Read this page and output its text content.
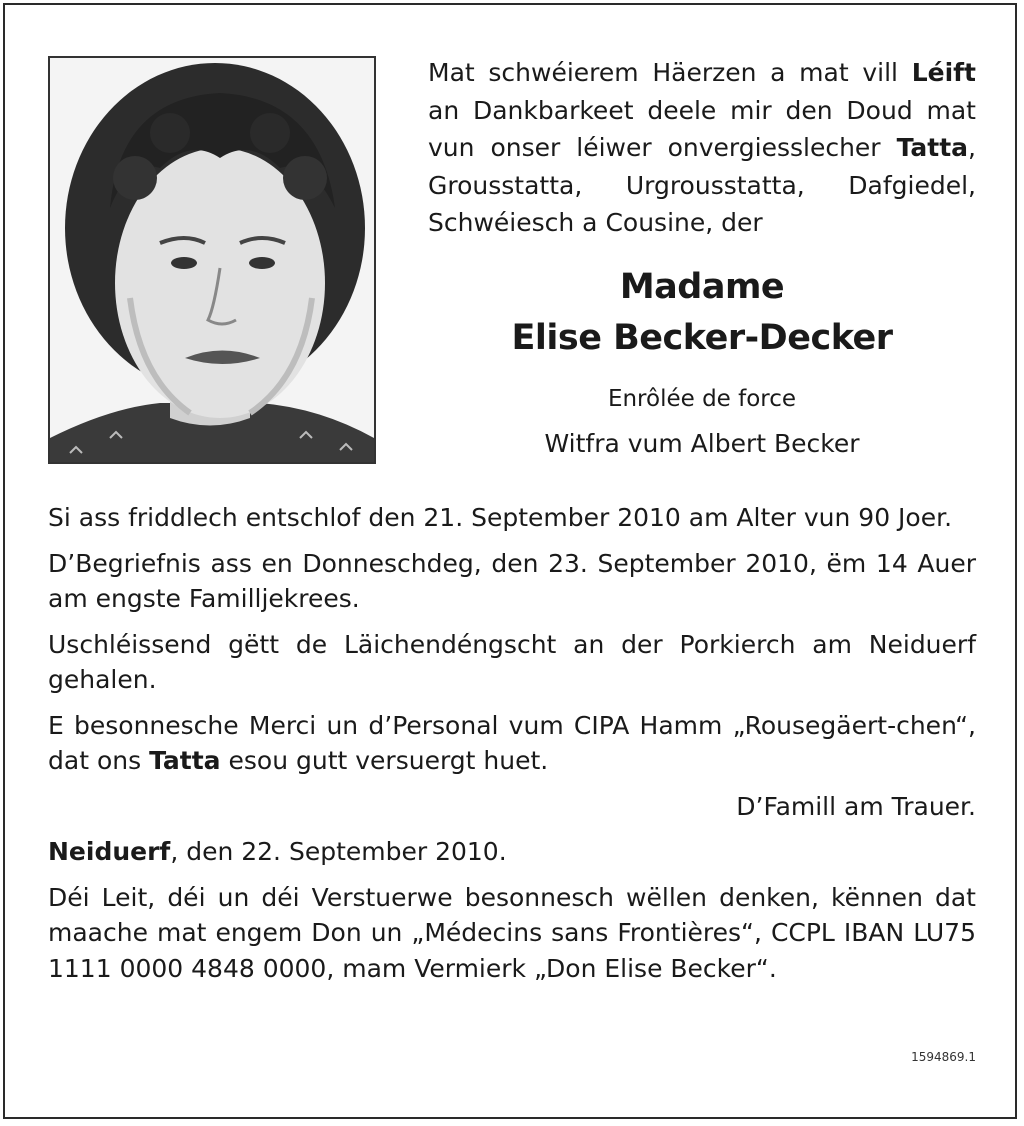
Mat schwéierem Häerzen a mat vill Léift an Dankbarkeet deele mir den Doud mat vun onser léiwer onvergiesslecher Tatta, Grousstatta, Urgrousstatta, Dafgiedel, Schwéiesch a Cousine, der

Madame
Elise Becker-Decker
Enrôlée de force
Witfra vum Albert Becker

Si ass friddlech entschlof den 21. September 2010 am Alter vun 90 Joer.

D’Begriefnis ass en Donneschdeg, den 23. September 2010, ëm 14 Auer am engste Familljekrees.

Uschléissend gëtt de Läichendéngscht an der Porkierch am Neiduerf gehalen.

E besonnesche Merci un d’Personal vum CIPA Hamm „Rousegäert-chen“, dat ons Tatta esou gutt versuergt huet.

D’Famill am Trauer.

Neiduerf, den 22. September 2010.

Déi Leit, déi un déi Verstuerwe besonnesch wëllen denken, kënnen dat maache mat engem Don un „Médecins sans Frontières“, CCPL IBAN LU75 1111 0000 4848 0000, mam Vermierk „Don Elise Becker“.

1594869.1
